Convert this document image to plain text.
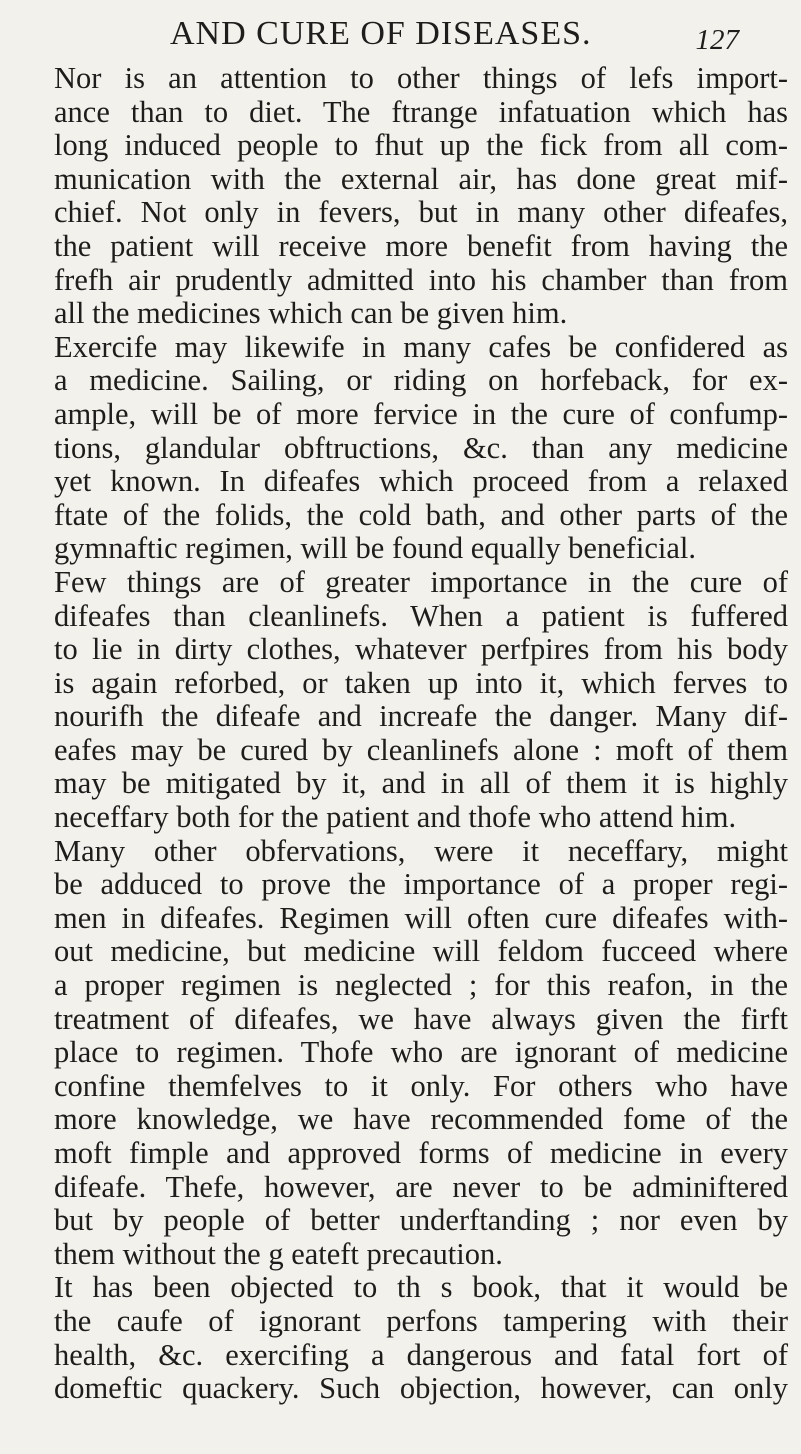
AND CURE OF DISEASES.	127
Nor is an attention to other things of lefs import-
ance than to diet. The ftrange infatuation which has
long induced people to fhut up the fick from all com-
munication with the external air, has done great mif-
chief. Not only in fevers, but in many other difeafes,
the patient will receive more benefit from having the
frefh air prudently admitted into his chamber than from
all the medicines which can be given him.
Exercife may likewife in many cafes be confidered as
a medicine. Sailing, or riding on horfeback, for ex-
ample, will be of more fervice in the cure of confump-
tions, glandular obftructions, &c. than any medicine
yet known. In difeafes which proceed from a relaxed
ftate of the folids, the cold bath, and other parts of the
gymnaftic regimen, will be found equally beneficial.
Few things are of greater importance in the cure of
difeafes than cleanlinefs. When a patient is fuffered
to lie in dirty clothes, whatever perfpires from his body
is again reforbed, or taken up into it, which ferves to
nourifh the difeafe and increafe the danger. Many dif-
eafes may be cured by cleanlinefs alone : moft of them
may be mitigated by it, and in all of them it is highly
neceffary both for the patient and thofe who attend him.
Many other obfervations, were it neceffary, might
be adduced to prove the importance of a proper regi-
men in difeafes. Regimen will often cure difeafes with-
out medicine, but medicine will feldom fucceed where
a proper regimen is neglected ; for this reafon, in the
treatment of difeafes, we have always given the firft
place to regimen. Thofe who are ignorant of medicine
confine themfelves to it only. For others who have
more knowledge, we have recommended fome of the
moft fimple and approved forms of medicine in every
difeafe. Thefe, however, are never to be adminiftered
but by people of better underftanding ; nor even by
them without the g eateft precaution.
It has been objected to th s book, that it would be
the caufe of ignorant perfons tampering with their
health, &c. exercifing a dangerous and fatal fort of
domeftic quackery. Such objection, however, can only
